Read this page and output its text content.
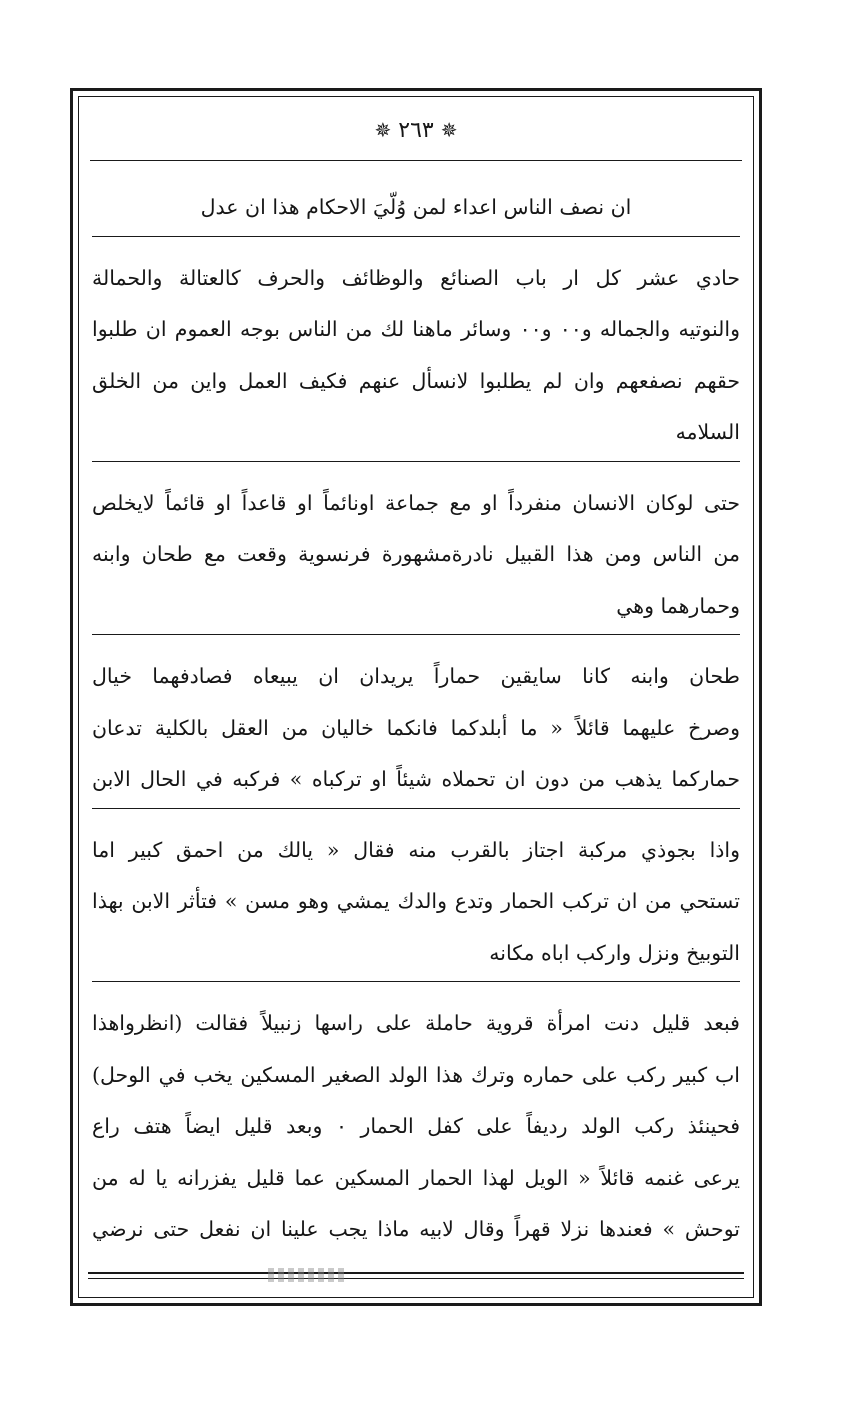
✵ ٢٦٣ ✵
ان نصف الناس اعداء لمن وُلّيَ الاحكام هذا ان عدل
حادي عشر كل ار باب الصنائع والوظائف والحرف كالعتالة والحمالة
والنوتيه والجماله و٠٠ و٠٠ وسائر ماهنا لك من الناس بوجه العموم ان طلبوا
حقهم نصفعهم وان لم يطلبوا لانسأل عنهم فكيف العمل واين من الخلق
السلامه
حتى لوكان الانسان منفرداً او مع جماعة اونائماً او قاعداً او قائماً لايخلص
من الناس ومن هذا القبيل نادرةمشهورة فرنسوية وقعت مع طحان وابنه
وحمارهما وهي
طحان وابنه كانا سايقين حماراً يريدان ان يبيعاه فصادفهما خيال
وصرخ عليهما قائلاً « ما أبلدكما فانكما خاليان من العقل بالكلية تدعان
حماركما يذهب من دون ان تحملاه شيئاً او تركباه » فركبه في الحال الابن
واذا بجوذي مركبة اجتاز بالقرب منه فقال « يالك من احمق كبير اما
تستحي من ان تركب الحمار وتدع والدك يمشي وهو مسن » فتأثر الابن بهذا
التوبيخ ونزل واركب اباه مكانه
فبعد قليل دنت امرأة قروية حاملة على راسها زنبيلاً فقالت (انظرواهذا
اب كبير ركب على حماره وترك هذا الولد الصغير المسكين يخب في الوحل)
فحينئذ ركب الولد رديفاً على كفل الحمار ٠ وبعد قليل ايضاً هتف راع
يرعى غنمه قائلاً « الويل لهذا الحمار المسكين عما قليل يفزرانه يا له من
توحش » فعندها نزلا قهراً وقال لابيه ماذا يجب علينا ان نفعل حتى نرضي
